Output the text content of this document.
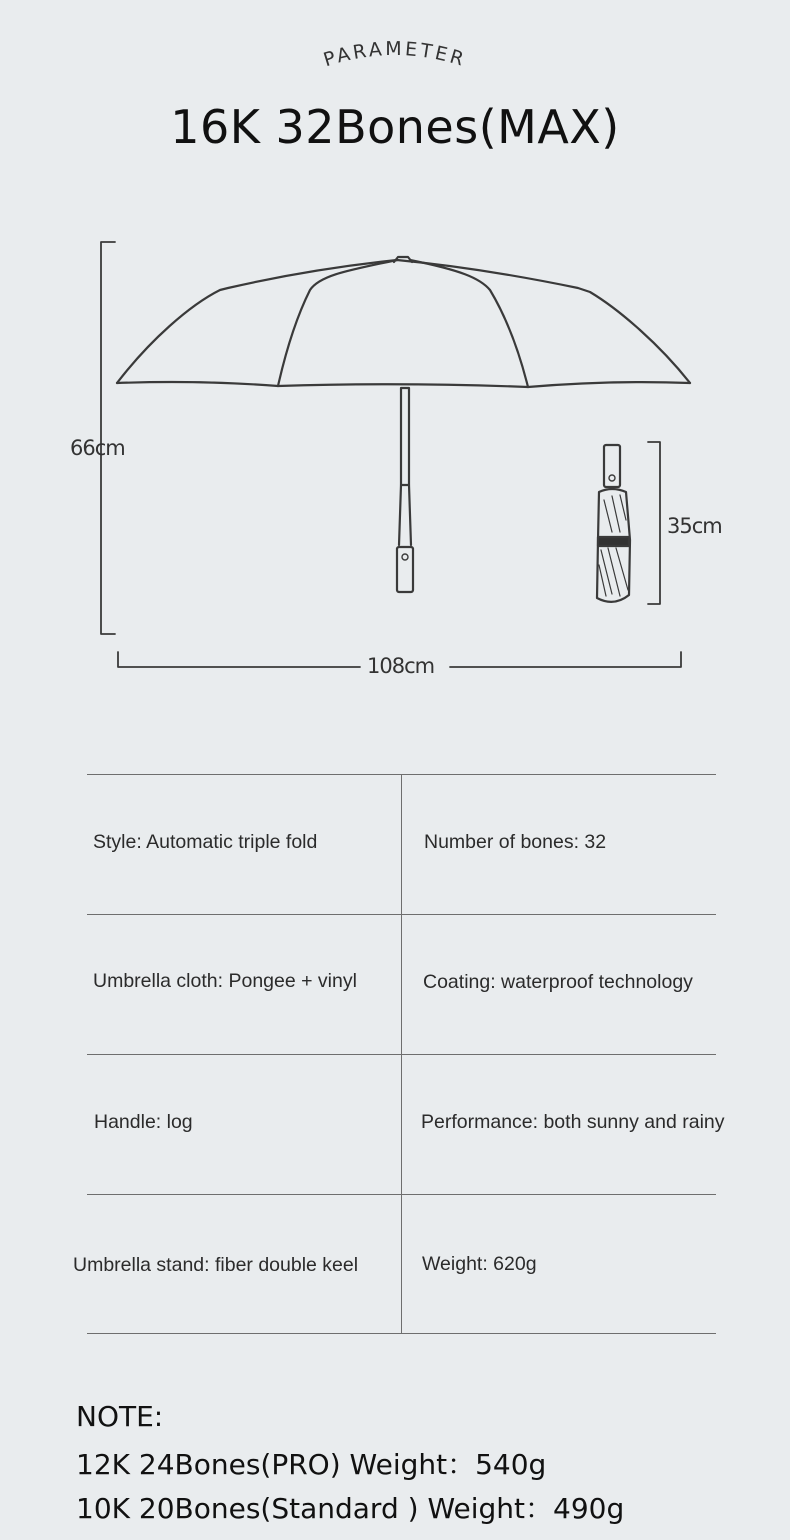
PARAMETER
16K 32Bones(MAX)
66cm
35cm
108cm
Style: Automatic triple fold	Number of bones: 32
Umbrella cloth: Pongee + vinyl	Coating: waterproof technology
Handle: log	Performance: both sunny and rainy
Umbrella stand: fiber double keel	Weight: 620g
NOTE:
12K 24Bones(PRO) Weight：540g
10K 20Bones(Standard ) Weight：490g
